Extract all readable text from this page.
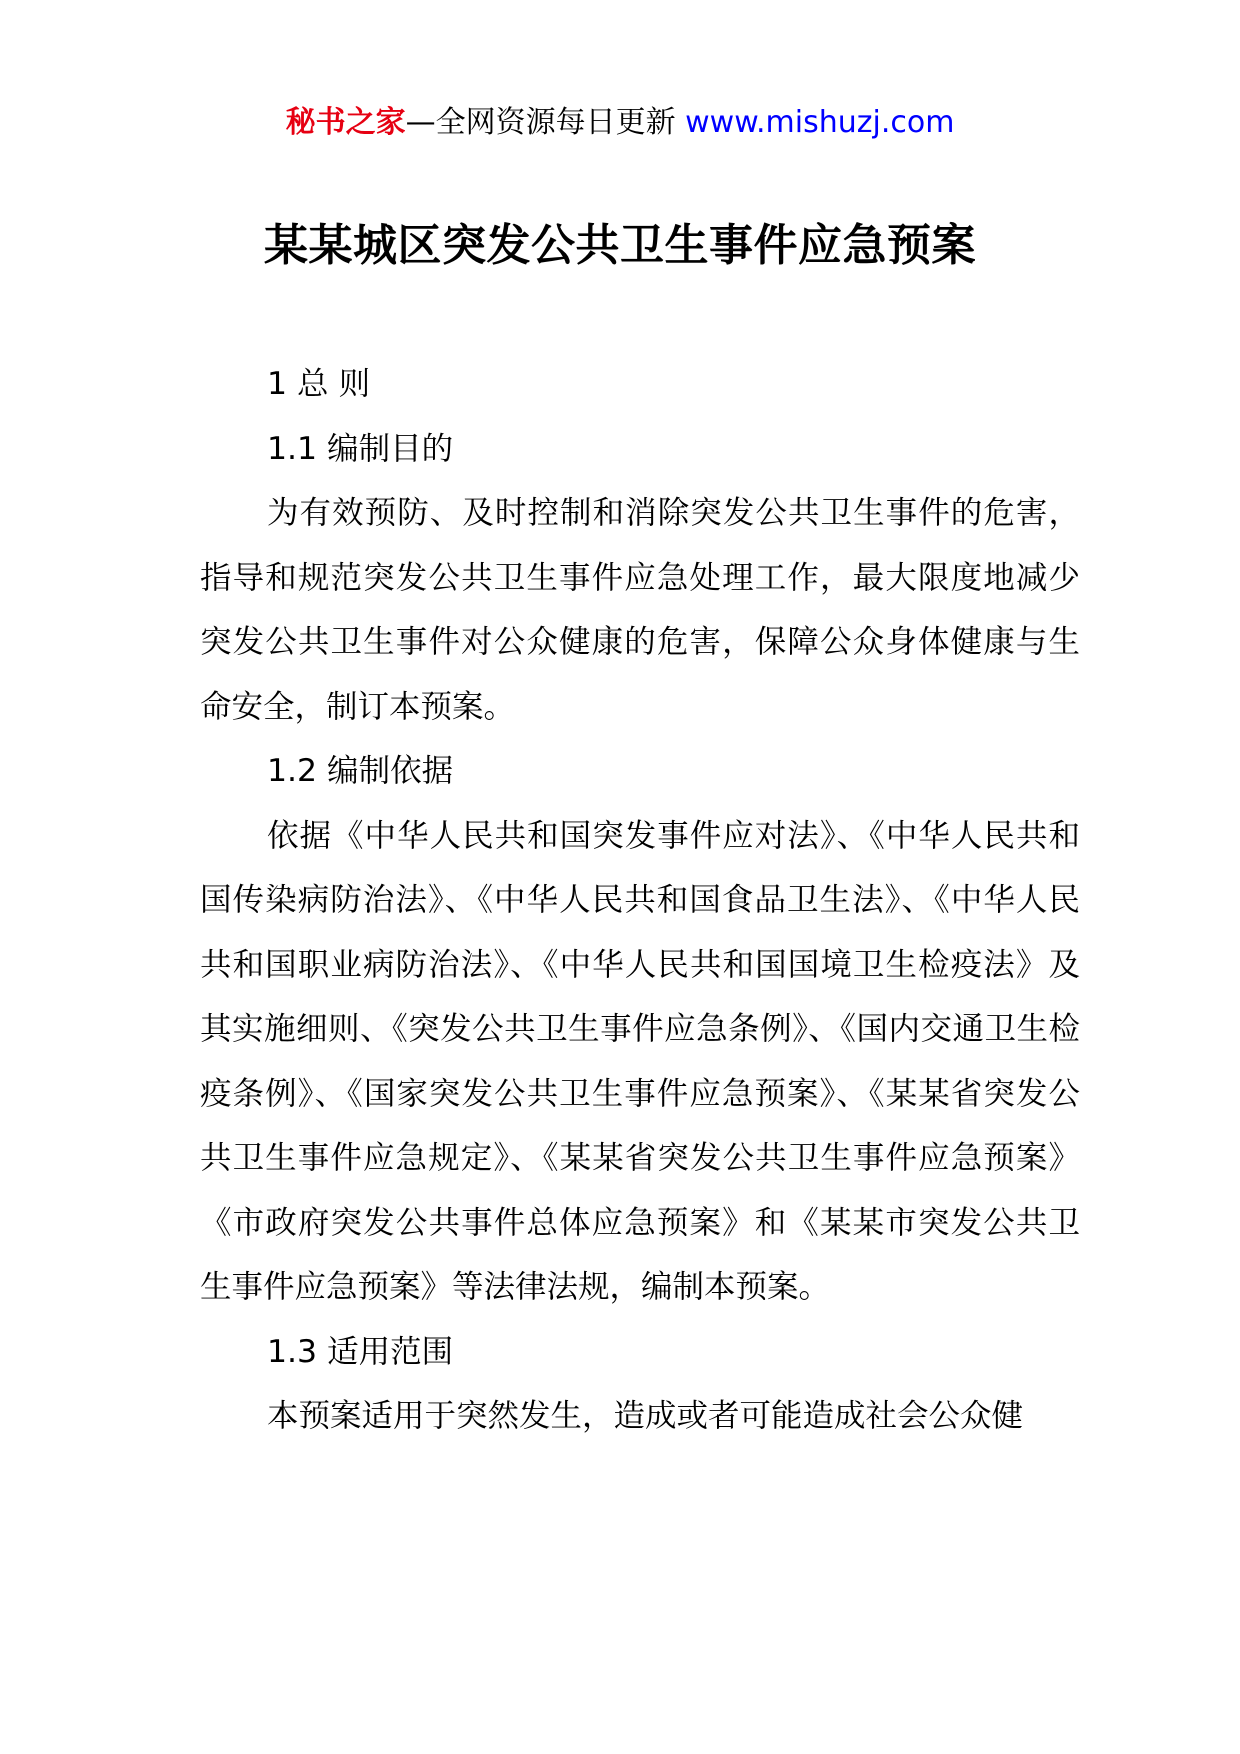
秘书之家—全网资源每日更新 www.mishuzj.com
某某城区突发公共卫生事件应急预案

1 总 则

1.1 编制目的

为有效预防、及时控制和消除突发公共卫生事件的危害，指导和规范突发公共卫生事件应急处理工作，最大限度地减少突发公共卫生事件对公众健康的危害，保障公众身体健康与生命安全，制订本预案。

1.2 编制依据

依据《中华人民共和国突发事件应对法》、《中华人民共和国传染病防治法》、《中华人民共和国食品卫生法》、《中华人民共和国职业病防治法》、《中华人民共和国国境卫生检疫法》及其实施细则、《突发公共卫生事件应急条例》、《国内交通卫生检疫条例》、《国家突发公共卫生事件应急预案》、《某某省突发公共卫生事件应急规定》、《某某省突发公共卫生事件应急预案》《市政府突发公共事件总体应急预案》和《某某市突发公共卫生事件应急预案》等法律法规，编制本预案。

1.3 适用范围

本预案适用于突然发生，造成或者可能造成社会公众健
